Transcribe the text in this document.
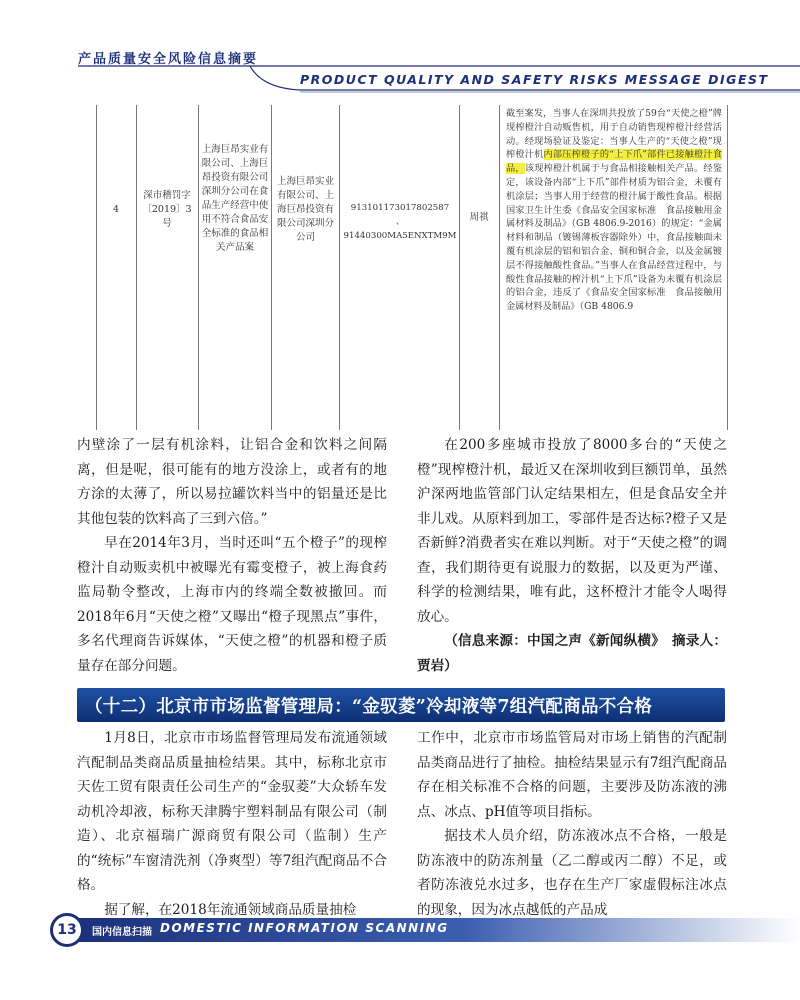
产品质量安全风险信息摘要
PRODUCT QUALITY AND SAFETY RISKS MESSAGE DIGEST
4
深市稽罚字〔2019〕3号
上海巨昂实业有限公司、上海巨昂投资有限公司深圳分公司在食品生产经营中使用不符合食品安全标准的食品相关产品案
上海巨昂实业有限公司、上海巨昂投资有限公司深圳分公司
91310117301780258​7
、
91440300MA5ENXTM9M
周祺
截至案发，当事人在深圳共投放了59台“天使之橙”牌现榨橙汁自动贩售机，用于自动销售现榨橙汁经营活动。经现场验证及鉴定：当事人生产的“天使之橙”现榨橙汁机内部压榨橙子的“上下爪”部件已接触橙汁食品，该现榨橙汁机属于与食品相接触相关产品。经鉴定，该设备内部“上下爪”部件材质为铝合金，未覆有机涂层；当事人用于经营的橙汁属于酸性食品。根据国家卫生计生委《食品安全国家标准　食品接触用金属材料及制品》（GB 4806.9-2016）的规定：“金属材料和制品（镀锡薄板容器除外）中，食品接触面未覆有机涂层的铝和铝合金、铜和铜合金，以及金属镀层不得接触酸性食品。”当事人在食品经营过程中，与酸性食品接触的榨汁机“上下爪”设备为未覆有机涂层的铝合金，违反了《食品安全国家标准　食品接触用金属材料及制品》（GB 4806.9

内壁涂了一层有机涂料，让铝合金和饮料之间隔离，但是呢，很可能有的地方没涂上，或者有的地方涂的太薄了，所以易拉罐饮料当中的铝量还是比其他包装的饮料高了三到六倍。”

早在2014年3月，当时还叫“五个橙子”的现榨橙汁自动贩卖机中被曝光有霉变橙子，被上海食药监局勒令整改，上海市内的终端全数被撤回。而2018年6月“天使之橙”又曝出“橙子现黑点”事件，多名代理商告诉媒体，“天使之橙”的机器和橙子质量存在部分问题。

在200多座城市投放了8000多台的“天使之橙”现榨橙汁机，最近又在深圳收到巨额罚单，虽然沪深两地监管部门认定结果相左，但是食品安全并非儿戏。从原料到加工，零部件是否达标?橙子又是否新鲜?消费者实在难以判断。对于“天使之橙”的调查，我们期待更有说服力的数据，以及更为严谨、科学的检测结果，唯有此，这杯橙汁才能令人喝得放心。

（信息来源：中国之声《新闻纵横》　摘录人：贾岩）

（十二）北京市市场监督管理局：“金驭菱”冷却液等7组汽配商品不合格

1月8日，北京市市场监督管理局发布流通领域汽配制品类商品质量抽检结果。其中，标称北京市天佐工贸有限责任公司生产的“金驭菱”大众轿车发动机冷却液，标称天津腾宇塑料制品有限公司（制造）、北京福瑞广源商贸有限公司（监制）生产的“统标”车窗清洗剂（净爽型）等7组汽配商品不合格。

据了解，在2018年流通领域商品质量抽检

工作中，北京市市场监管局对市场上销售的汽配制品类商品进行了抽检。抽检结果显示有7组汽配商品存在相关标准不合格的问题，主要涉及防冻液的沸点、冰点、pH值等项目指标。

据技术人员介绍，防冻液冰点不合格，一般是防冻液中的防冻剂量（乙二醇或丙二醇）不足，或者防冻液兑水过多，也存在生产厂家虚假标注冰点的现象，因为冰点越低的产品成

13	国内信息扫描 DOMESTIC INFORMATION SCANNING
